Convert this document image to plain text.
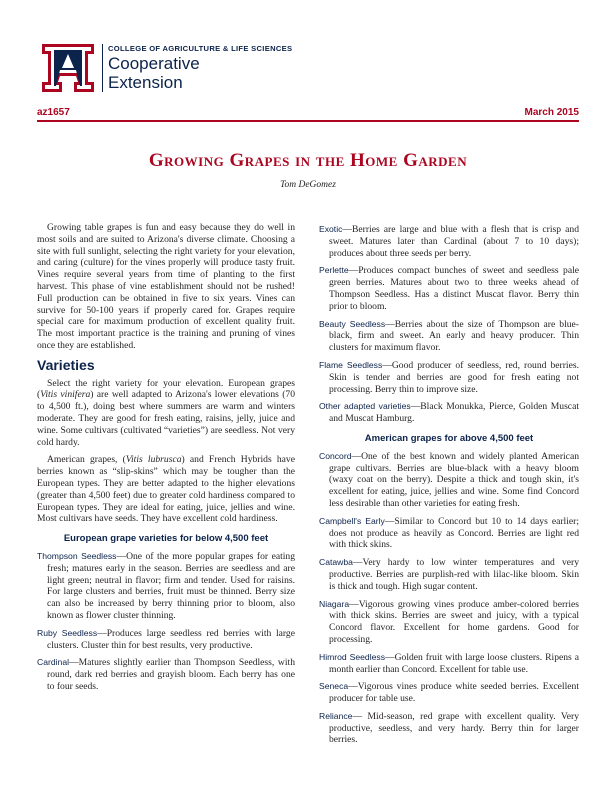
COLLEGE OF AGRICULTURE & LIFE SCIENCES
Cooperative
Extension
az1657	March 2015
Growing Grapes in the Home Garden
Tom DeGomez

Growing table grapes is fun and easy because they do well in most soils and are suited to Arizona's diverse climate. Choosing a site with full sunlight, selecting the right variety for your elevation, and caring (culture) for the vines properly will produce tasty fruit. Vines require several years from time of planting to the first harvest. This phase of vine establishment should not be rushed! Full production can be obtained in five to six years. Vines can survive for 50-100 years if properly cared for. Grapes require special care for maximum production of excellent quality fruit. The most important practice is the training and pruning of vines once they are established.

Varieties

Select the right variety for your elevation. European grapes (Vitis vinifera) are well adapted to Arizona's lower elevations (70 to 4,500 ft.), doing best where summers are warm and winters moderate. They are good for fresh eating, raisins, jelly, juice and wine. Some cultivars (cultivated “varieties”) are seedless. Not very cold hardy.

American grapes, (Vitis lubrusca) and French Hybrids have berries known as “slip-skins” which may be tougher than the European types. They are better adapted to the higher elevations (greater than 4,500 feet) due to greater cold hardiness compared to European types. They are ideal for eating, juice, jellies and wine. Most cultivars have seeds. They have excellent cold hardiness.

European grape varieties for below 4,500 feet

Thompson Seedless—One of the more popular grapes for eating fresh; matures early in the season. Berries are seedless and are light green; neutral in flavor; firm and tender. Used for raisins. For large clusters and berries, fruit must be thinned. Berry size can also be increased by berry thinning prior to bloom, also known as flower cluster thinning.

Ruby Seedless—Produces large seedless red berries with large clusters. Cluster thin for best results, very productive.

Cardinal—Matures slightly earlier than Thompson Seedless, with round, dark red berries and grayish bloom. Each berry has one to four seeds.

Exotic—Berries are large and blue with a flesh that is crisp and sweet. Matures later than Cardinal (about 7 to 10 days); produces about three seeds per berry.

Perlette—Produces compact bunches of sweet and seedless pale green berries. Matures about two to three weeks ahead of Thompson Seedless. Has a distinct Muscat flavor. Berry thin prior to bloom.

Beauty Seedless—Berries about the size of Thompson are blue-black, firm and sweet. An early and heavy producer. Thin clusters for maximum flavor.

Flame Seedless—Good producer of seedless, red, round berries. Skin is tender and berries are good for fresh eating not processing. Berry thin to improve size.

Other adapted varieties—Black Monukka, Pierce, Golden Muscat and Muscat Hamburg.

American grapes for above 4,500 feet

Concord—One of the best known and widely planted American grape cultivars. Berries are blue-black with a heavy bloom (waxy coat on the berry). Despite a thick and tough skin, it's excellent for eating, juice, jellies and wine. Some find Concord less desirable than other varieties for eating fresh.

Campbell's Early—Similar to Concord but 10 to 14 days earlier; does not produce as heavily as Concord. Berries are light red with thick skins.

Catawba—Very hardy to low winter temperatures and very productive. Berries are purplish-red with lilac-like bloom. Skin is thick and tough. High sugar content.

Niagara—Vigorous growing vines produce amber-colored berries with thick skins. Berries are sweet and juicy, with a typical Concord flavor. Excellent for home gardens. Good for processing.

Himrod Seedless—Golden fruit with large loose clusters. Ripens a month earlier than Concord. Excellent for table use.

Seneca—Vigorous vines produce white seeded berries. Excellent producer for table use.

Reliance— Mid-season, red grape with excellent quality. Very productive, seedless, and very hardy. Berry thin for larger berries.
